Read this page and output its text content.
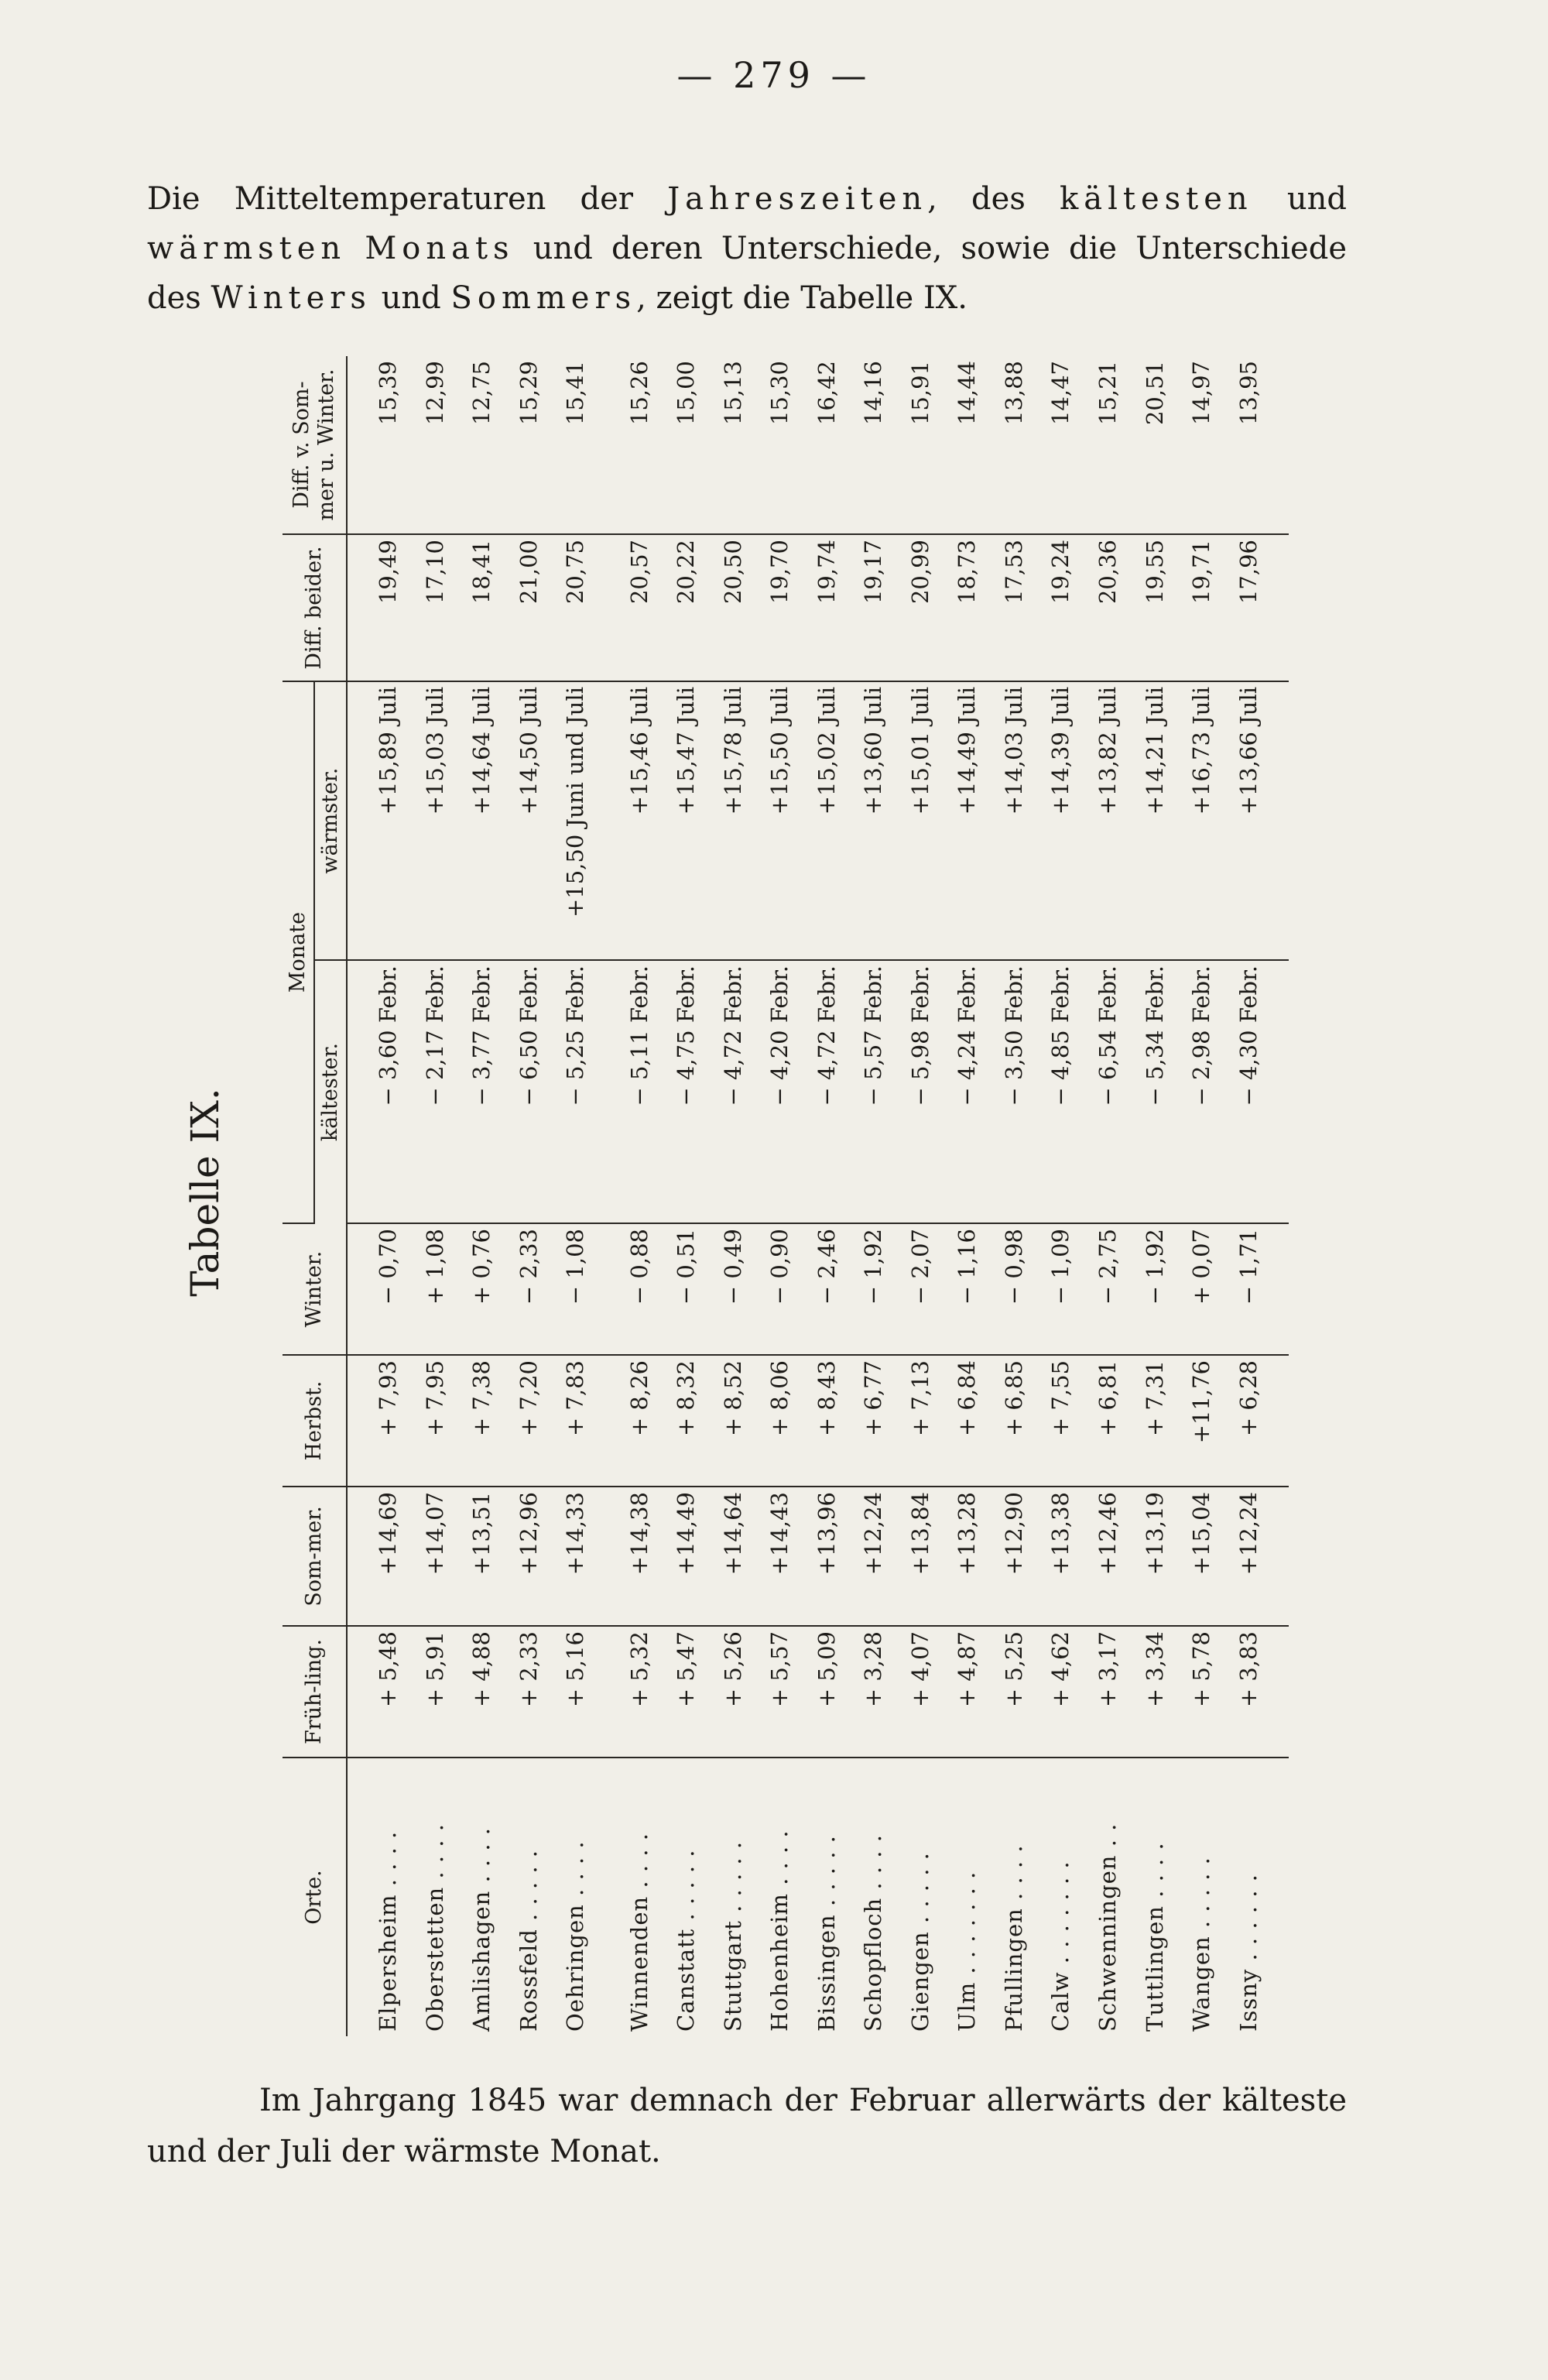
— 279 —

Die Mitteltemperaturen der Jahreszeiten, des kältesten und wärmsten Monats und deren Unterschiede, sowie die Unterschiede des Winters und Sommers, zeigt die Tabelle IX.

Tabelle IX.
Orte.	Früh-ling.	Som-mer.	Herbst.	Winter.	Monate		Diff. beider.	Diff. v. Som-mer u. Winter.
					kältester.	wärmster.		

Elpersheim . . . .	+ 5,48	+14,69	+ 7,93	− 0,70	− 3,60 Febr.	+15,89 Juli	19,49	15,39
Oberstetten . . . .	+ 5,91	+14,07	+ 7,95	+ 1,08	− 2,17 Febr.	+15,03 Juli	17,10	12,99
Amlishagen . . . .	+ 4,88	+13,51	+ 7,38	+ 0,76	− 3,77 Febr.	+14,64 Juli	18,41	12,75
Rossfeld . . . . .	+ 2,33	+12,96	+ 7,20	− 2,33	− 6,50 Febr.	+14,50 Juli	21,00	15,29
Oehringen . . . .	+ 5,16	+14,33	+ 7,83	− 1,08	− 5,25 Febr.	+15,50 Juni und Juli	20,75	15,41

Winnenden . . . .	+ 5,32	+14,38	+ 8,26	− 0,88	− 5,11 Febr.	+15,46 Juli	20,57	15,26
Canstatt . . . . .	+ 5,47	+14,49	+ 8,32	− 0,51	− 4,75 Febr.	+15,47 Juli	20,22	15,00
Stuttgart . . . . .	+ 5,26	+14,64	+ 8,52	− 0,49	− 4,72 Febr.	+15,78 Juli	20,50	15,13
Hohenheim . . . .	+ 5,57	+14,43	+ 8,06	− 0,90	− 4,20 Febr.	+15,50 Juli	19,70	15,30
Bissingen . . . . .	+ 5,09	+13,96	+ 8,43	− 2,46	− 4,72 Febr.	+15,02 Juli	19,74	16,42
Schopfloch . . . .	+ 3,28	+12,24	+ 6,77	− 1,92	− 5,57 Febr.	+13,60 Juli	19,17	14,16
Giengen . . . . .	+ 4,07	+13,84	+ 7,13	− 2,07	− 5,98 Febr.	+15,01 Juli	20,99	15,91
Ulm . . . . . . .	+ 4,87	+13,28	+ 6,84	− 1,16	− 4,24 Febr.	+14,49 Juli	18,73	14,44
Pfullingen . . . .	+ 5,25	+12,90	+ 6,85	− 0,98	− 3,50 Febr.	+14,03 Juli	17,53	13,88
Calw . . . . . . .	+ 4,62	+13,38	+ 7,55	− 1,09	− 4,85 Febr.	+14,39 Juli	19,24	14,47
Schwenningen . .	+ 3,17	+12,46	+ 6,81	− 2,75	− 6,54 Febr.	+13,82 Juli	20,36	15,21
Tuttlingen . . . .	+ 3,34	+13,19	+ 7,31	− 1,92	− 5,34 Febr.	+14,21 Juli	19,55	20,51
Wangen . . . . .	+ 5,78	+15,04	+11,76	+ 0,07	− 2,98 Febr.	+16,73 Juli	19,71	14,97
Issny . . . . . .	+ 3,83	+12,24	+ 6,28	− 1,71	− 4,30 Febr.	+13,66 Juli	17,96	13,95

Im Jahrgang 1845 war demnach der Februar allerwärts der kälteste und der Juli der wärmste Monat.
